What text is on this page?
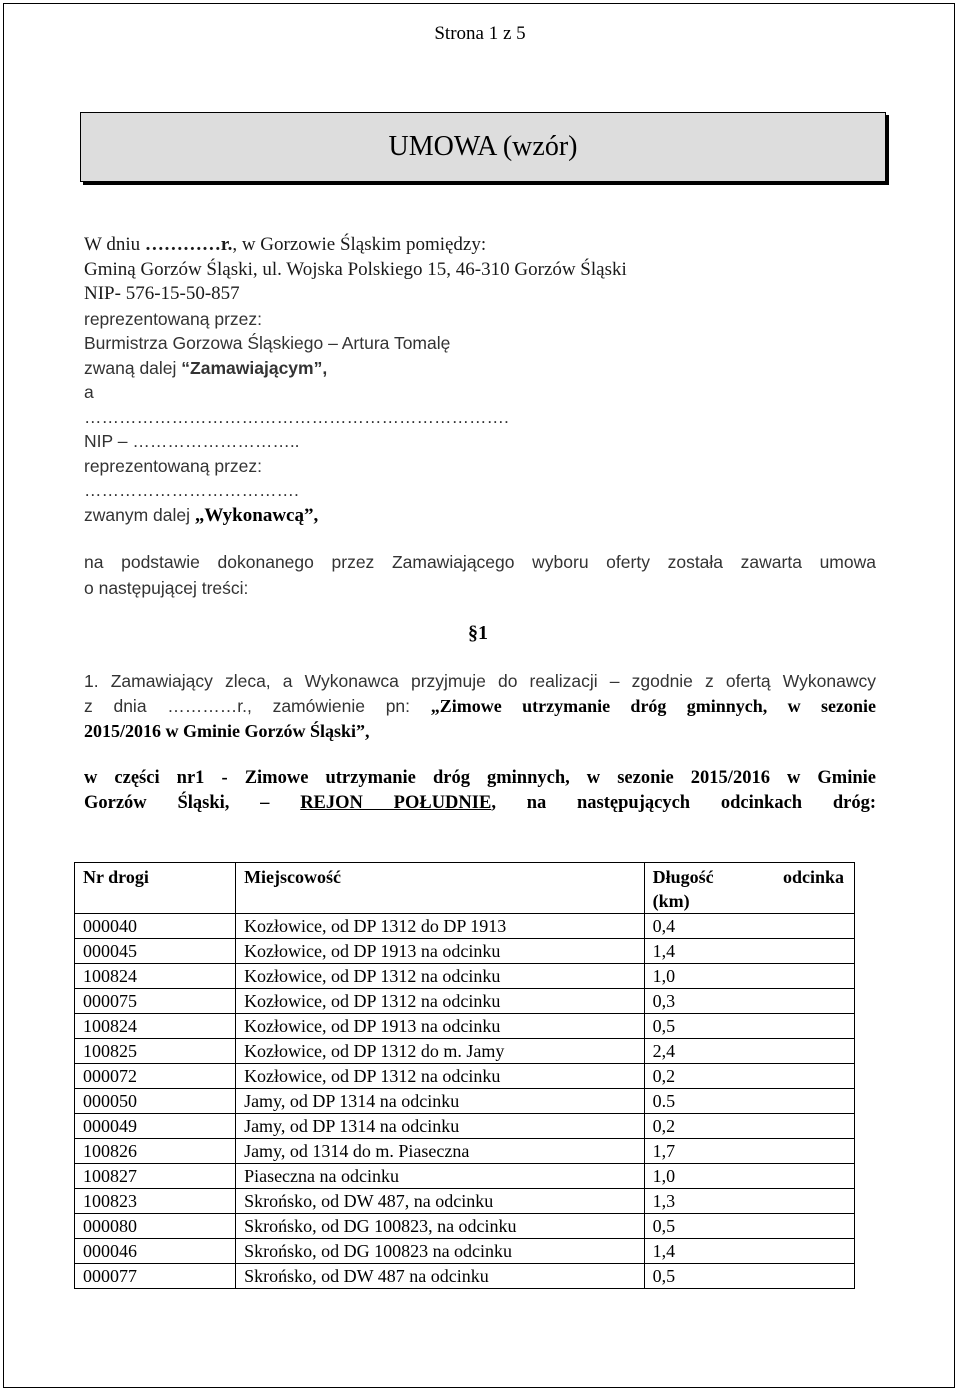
Strona 1 z 5
UMOWA (wzór)
W dniu …………r., w Gorzowie Śląskim pomiędzy:
Gminą Gorzów Śląski, ul. Wojska Polskiego 15, 46-310 Gorzów Śląski
NIP- 576-15-50-857
reprezentowaną przez:
Burmistrza Gorzowa Śląskiego – Artura Tomalę
zwaną dalej “Zamawiającym”,
a
……………………………………………………………….
NIP – ………………………..
reprezentowaną przez:
……………………………….
zwanym dalej „Wykonawcą”,
na podstawie dokonanego przez Zamawiającego wyboru oferty została zawarta umowa
o następującej treści:
§1
1. Zamawiający zleca, a Wykonawca przyjmuje do realizacji – zgodnie z ofertą Wykonawcy
z dnia …………r., zamówienie pn: „Zimowe utrzymanie dróg gminnych, w sezonie
2015/2016 w Gminie Gorzów Śląski”,
w części nr1 - Zimowe utrzymanie dróg gminnych, w sezonie 2015/2016 w Gminie
Gorzów Śląski, – REJON POŁUDNIE, na następujących odcinkach dróg:
Nr drogi	Miejscowość	Długość odcinka
(km)

000040	Kozłowice, od DP 1312 do DP 1913	0,4
000045	Kozłowice, od DP 1913 na odcinku	1,4
100824	Kozłowice, od DP 1312 na odcinku	1,0
000075	Kozłowice, od DP 1312 na odcinku	0,3
100824	Kozłowice, od DP 1913 na odcinku	0,5
100825	Kozłowice, od DP 1312 do m. Jamy	2,4
000072	Kozłowice, od DP 1312 na odcinku	0,2
000050	Jamy, od DP 1314 na odcinku	0.5
000049	Jamy, od DP 1314 na odcinku	0,2
100826	Jamy, od 1314 do m. Piaseczna	1,7
100827	Piaseczna na odcinku	1,0
100823	Skrońsko, od DW 487, na odcinku	1,3
000080	Skrońsko, od DG 100823, na odcinku	0,5
000046	Skrońsko, od DG 100823 na odcinku	1,4
000077	Skrońsko, od DW 487 na odcinku	0,5
